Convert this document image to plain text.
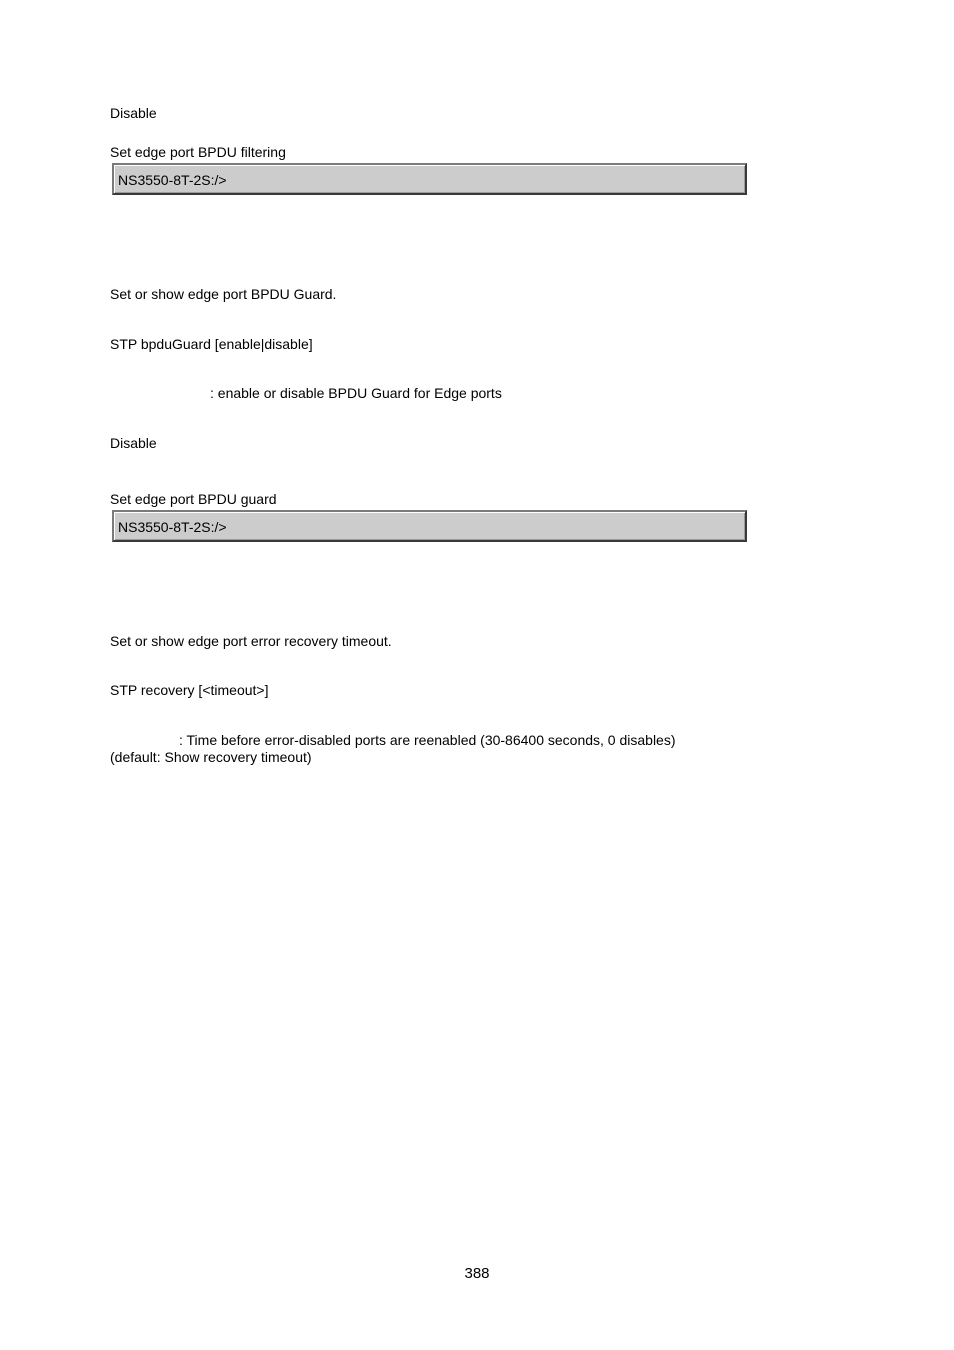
Disable
Set edge port BPDU filtering
NS3550-8T-2S:/>
Set or show edge port BPDU Guard.
STP bpduGuard [enable|disable]
: enable or disable BPDU Guard for Edge ports
Disable
Set edge port BPDU guard
NS3550-8T-2S:/>
Set or show edge port error recovery timeout.
STP recovery [<timeout>]
: Time before error-disabled ports are reenabled (30-86400 seconds, 0 disables)
(default: Show recovery timeout)
388
